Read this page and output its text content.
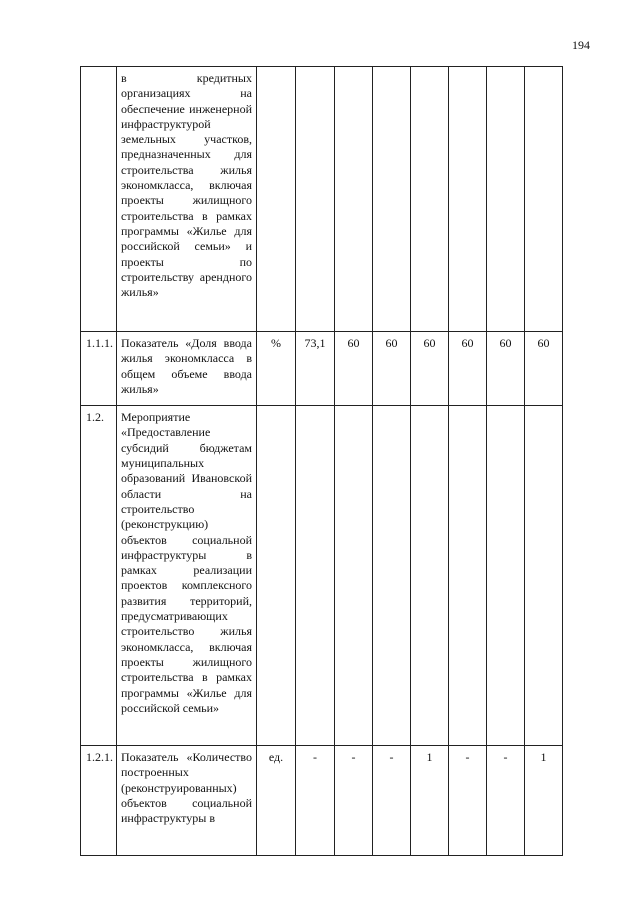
194

	в кредитных организациях на обеспечение инженерной инфраструктурой земельных участков, предназначенных для строительства жилья экономкласса, включая проекты жилищного строительства в рамках программы «Жилье для российской семьи» и проекты по строительству арендного жилья»								

1.1.1.	Показатель «Доля ввода жилья экономкласса в общем объеме ввода жилья»	%	73,1	60	60	60	60	60	60
1.2.	Мероприятие «Предоставление субсидий бюджетам муниципальных образований Ивановской области на строительство (реконструкцию) объектов социальной инфраструктуры в рамках реализации проектов комплексного развития территорий, предусматривающих строительство жилья экономкласса, включая проекты жилищного строительства в рамках программы «Жилье для российской семьи»								

1.2.1.	Показатель «Количество построенных (реконструированных) объектов социальной инфраструктуры в	ед.	-	-	-	1	-	-	1
